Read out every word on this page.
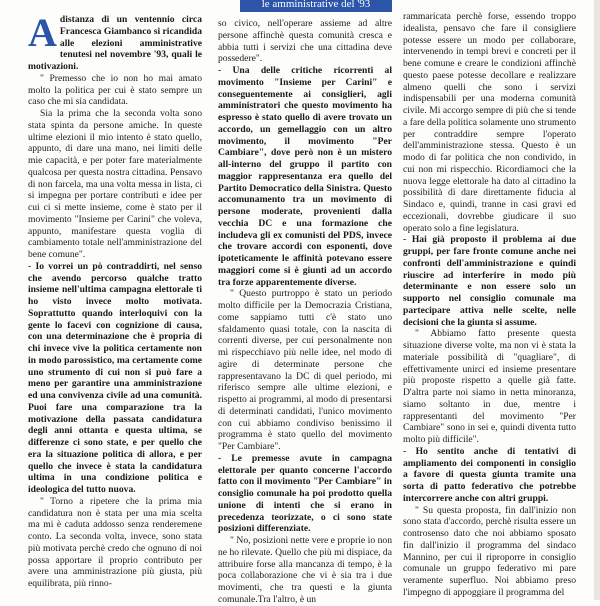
le amministrative del '93

Adistanza di un ventennio circa Francesca Giambanco si ricandida alle elezioni amministrative tenutesi nel novembre '93, quali le motivazioni.

" Premesso che io non ho mai amato molto la politica per cui è stato sempre un caso che mi sia candidata.

Sia la prima che la seconda volta sono stata spinta da persone amiche. In queste ultime elezioni il mio intento è stato quello, appunto, di dare una mano, nei limiti delle mie capacità, e per poter fare materialmente qualcosa per questa nostra cittadina. Pensavo di non farcela, ma una volta messa in lista, ci si impegna per portare contributi e idee per cui ci si mette insieme, come è stato per il movimento "Insieme per Carini" che voleva, appunto, manifestare questa voglia di cambiamento totale nell'amministrazione del bene comune".

- Io vorrei un pò contraddirti, nel senso che avendo percorso qualche tratto insieme nell'ultima campagna elettorale ti ho visto invece molto motivata. Soprattutto quando interloquivi con la gente lo facevi con cognizione di causa, con una determinazione che è propria di chi invece vive la politica certamente non in modo parossistico, ma certamente come uno strumento di cui non si può fare a meno per garantire una amministrazione ed una convivenza civile ad una comunità. Puoi fare una comparazione tra la motivazione della passata candidatura degli anni ottanta e questa ultima, se differenze ci sono state, e per quello che era la situazione politica di allora, e per quello che invece è stata la candidatura ultima in una condizione politica e ideologica del tutto nuova.

" Torno a ripetere che la prima mia candidatura non è stata per una mia scelta ma mi è caduta addosso senza renderemene conto. La seconda volta, invece, sono stata più motivata perchè credo che ognuno di noi possa apportare il proprio contributo per avere una amministrazione più giusta, più equilibrata, più rinno-

so civico, nell'operare assieme ad altre persone affinchè questa comunità cresca e abbia tutti i servizi che una cittadina deve possedere".

- Una delle critiche ricorrenti al movimento "Insieme per Carini" e conseguentemente ai consiglieri, agli amministratori che questo movimento ha espresso è stato quello di avere trovato un accordo, un gemellaggio con un altro movimento, il movimento "Per Cambiare", dove però non è un mistero all-interno del gruppo il partito con maggior rappresentanza era quello del Partito Democratico della Sinistra. Questo accomunamento tra un movimento di persone moderate, provenienti dalla vecchia DC e una formazione che includeva gli ex comunisti del PDS, invece che trovare accordi con esponenti, dove ipoteticamente le affinità potevano essere maggiori come si è giunti ad un accordo tra forze apparentemente diverse.

" Questo purtroppo è stato un periodo molto difficile per la Democrazia Cristiana, come sappiamo tutti c'è stato uno sfaldamento quasi totale, con la nascita di correnti diverse, per cui personalmente non mi rispecchiavo più nelle idee, nel modo di agire di determinate persone che rappresentavano la DC di quel periodo, mi riferisco sempre alle ultime elezioni, e rispetto ai programmi, al modo di presentarsi di determinati candidati, l'unico movimento con cui abbiamo condiviso benissimo il programma è stato quello del movimento "Per Cambiare".

- Le premesse avute in campagna elettorale per quanto concerne l'accordo fatto con il movimento "Per Cambiare" in consiglio comunale ha poi prodotto quella unione di intenti che si erano in precedenza teorizzate, o ci sono state posizioni differenziate.

" No, posizioni nette vere e proprie io non ne ho rilevate. Quello che più mi dispiace, da attribuire forse alla mancanza di tempo, è la poca collaborazione che vi è sia tra i due movimenti, che tra questi e la giunta comunale.Tra l'altro, è un

rammaricata perchè forse, essendo troppo idealista, pensavo che fare il consigliere potesse essere un modo per collaborare, intervenendo in tempi brevi e concreti per il bene comune e creare le condizioni affinchè questo paese potesse decollare e realizzare almeno quelli che sono i servizi indispensabili per una moderna comunità civile. Mi accorgo sempre di più che si tende a fare della politica solamente uno strumento per contraddire sempre l'operato dell'amministrazione stessa. Questo è un modo di far politica che non condivido, in cui non mi rispecchio. Ricordiamoci che la nuova legge elettorale ha dato al cittadino la possibilità di dare direttamente fiducia al Sindaco e, quindi, tranne in casi gravi ed eccezionali, dovrebbe giudicare il suo operato solo a fine legislatura.

- Hai già proposto il problema ai due gruppi, per fare fronte comune anche nei confronti dell'amministrazione e quindi riuscire ad interferire in modo più determinante e non essere solo un supporto nel consiglio comunale ma partecipare attiva nelle scelte, nelle decisioni che la giunta si assume.

" Abbiamo fatto presente questa situazione diverse volte, ma non vi è stata la materiale possibilità di "quagliare", di effettivamente unirci ed insieme presentare più proposte rispetto a quelle già fatte. D'altra parte noi siamo in netta minoranza, siamo soltanto in due, mentre i rappresentanti del movimento "Per Cambiare" sono in sei e, quindi diventa tutto molto più difficile".

- Ho sentito anche di tentativi di ampliamento dei componenti in consiglio a favore di questa giunta tramite una sorta di patto federativo che potrebbe intercorrere anche con altri gruppi.

" Su questa proposta, fin dall'inizio non sono stata d'accordo, perchè risulta essere un controsenso dato che noi abbiamo sposato fin dall'inizio il programma del sindaco Mannino, per cui il riproporre in consiglio comunale un gruppo federativo mi pare veramente superfluo. Noi abbiamo preso l'impegno di appoggiare il programma del
